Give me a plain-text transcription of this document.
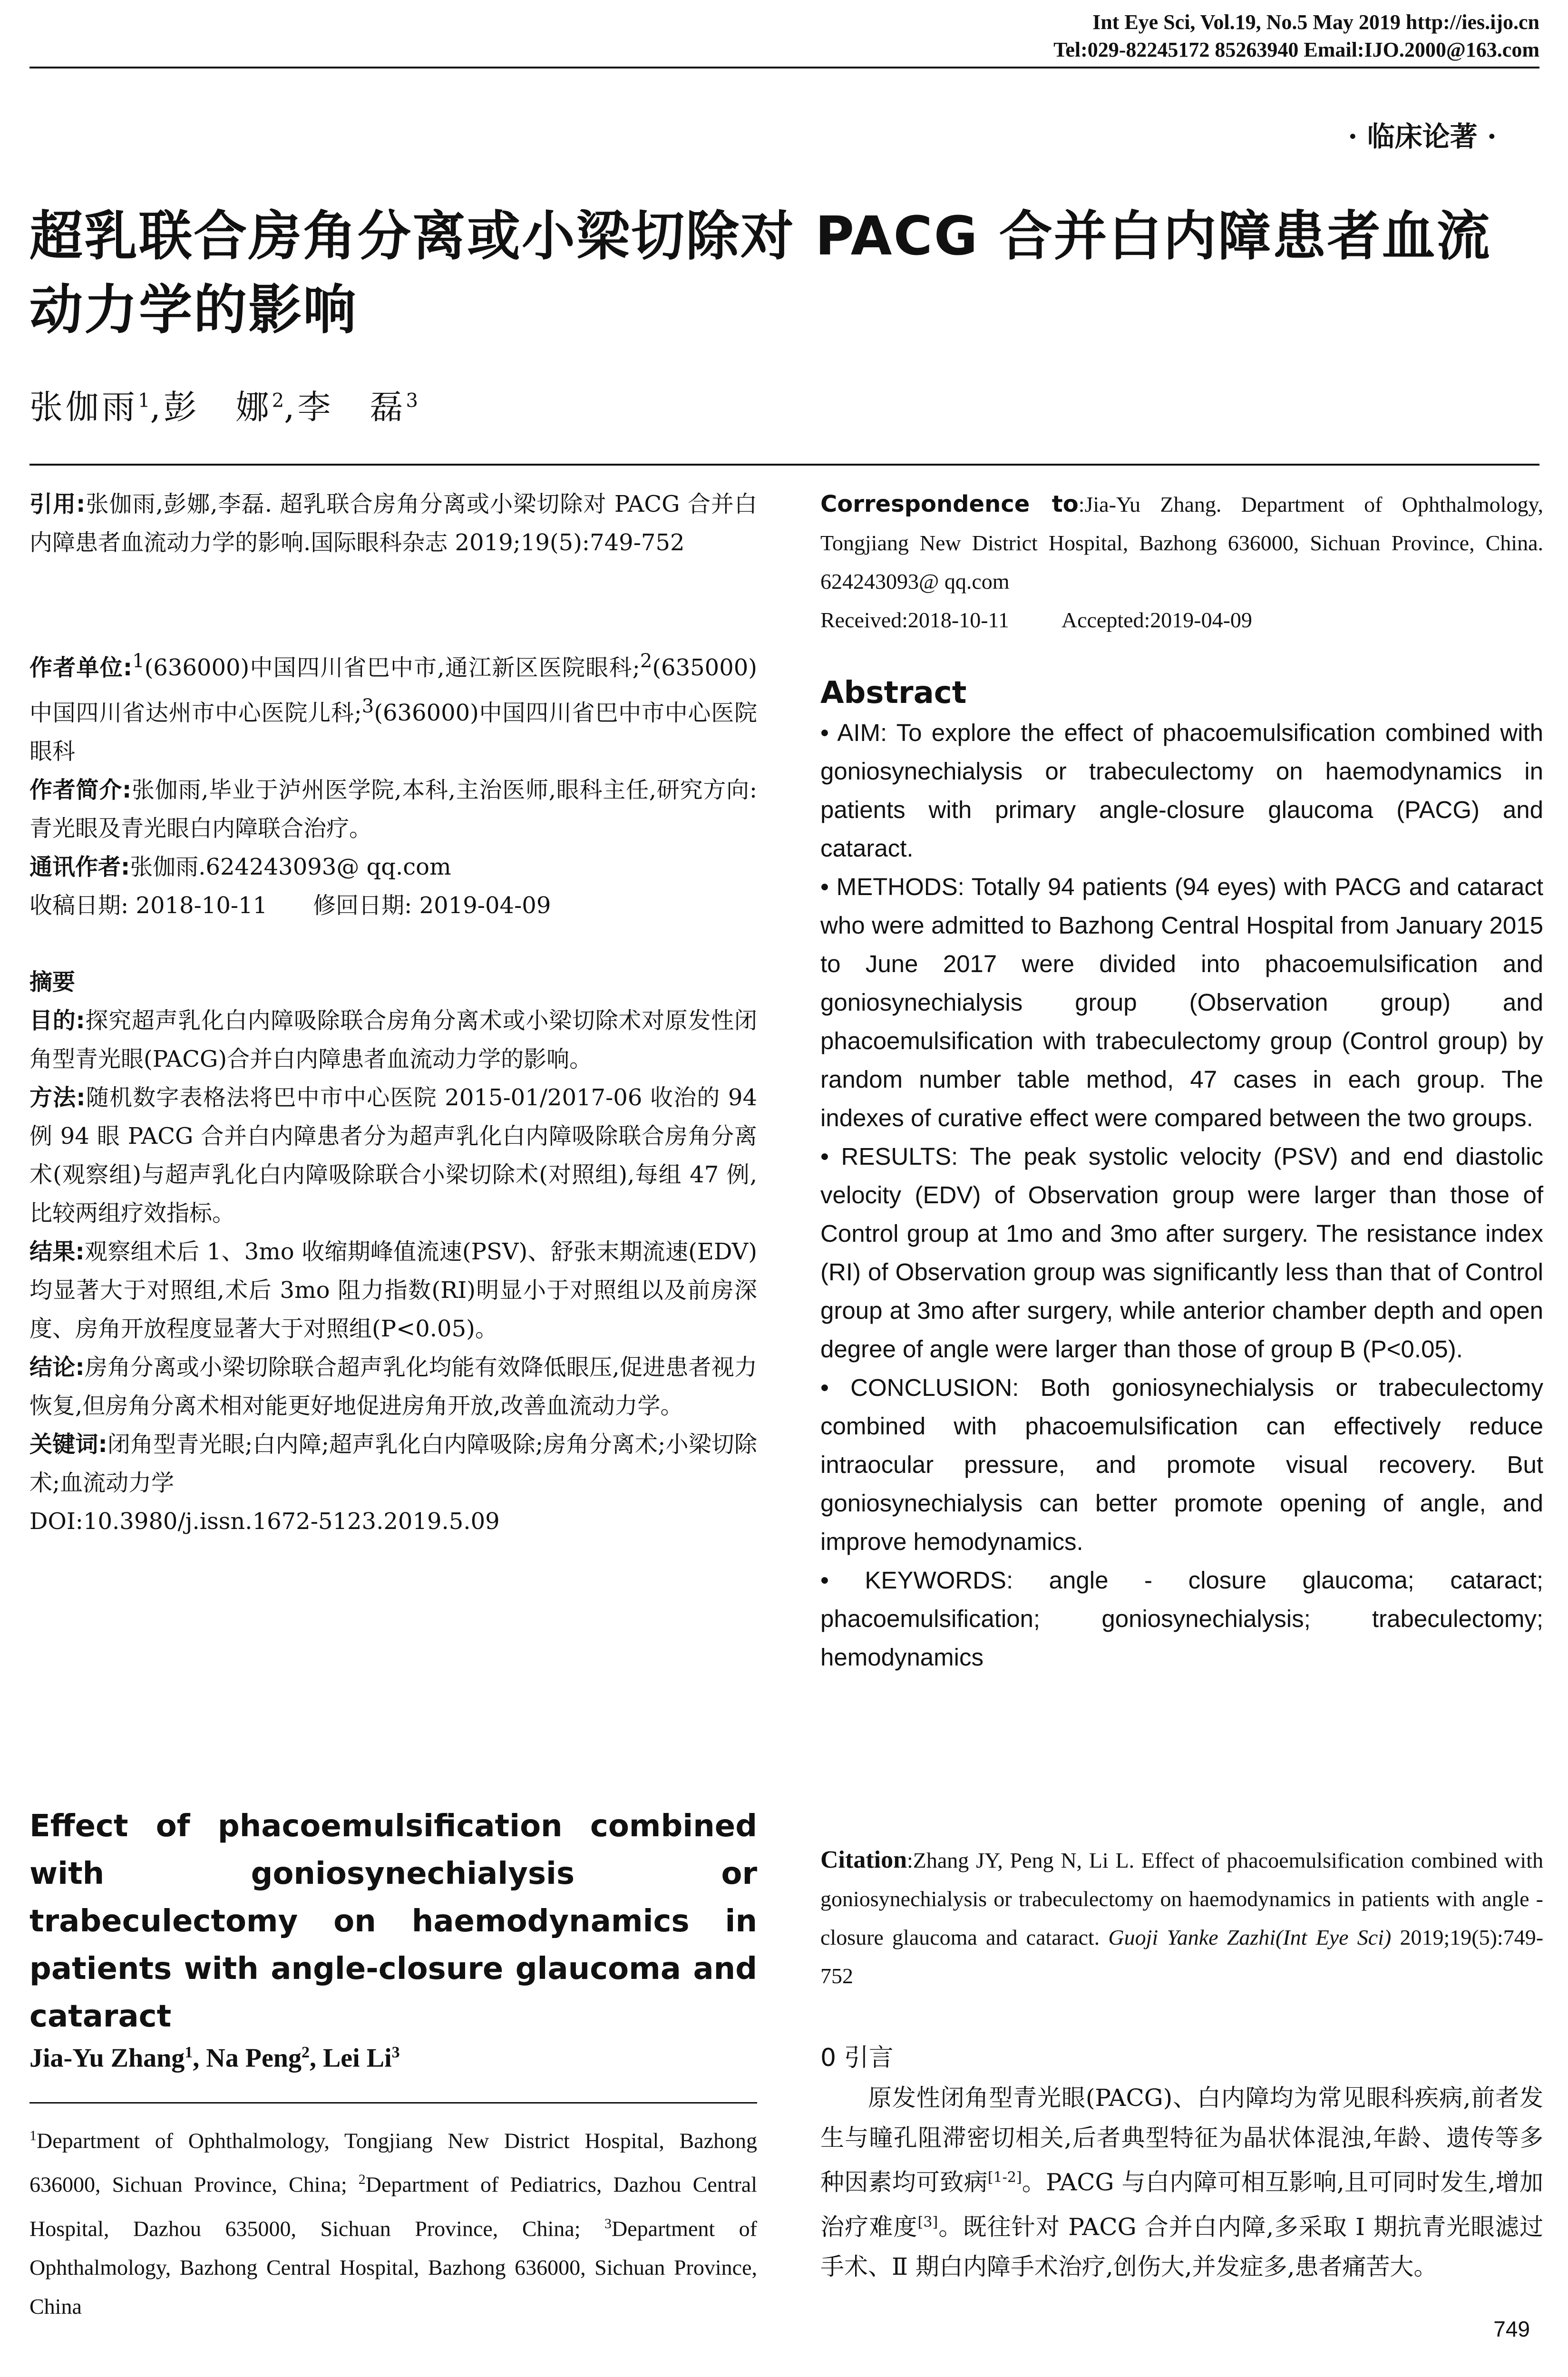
Int Eye Sci, Vol.19, No.5 May 2019 http://ies.ijo.cn
Tel:029-82245172 85263940 Email:IJO.2000@163.com
· 临床论著 ·
超乳联合房角分离或小梁切除对 PACG 合并白内障患者血流动力学的影响
张伽雨$^1$,彭　娜$^2$,李　磊$^3$
引用:张伽雨,彭娜,李磊. 超乳联合房角分离或小梁切除对 PACG 合并白内障患者血流动力学的影响.国际眼科杂志 2019;19(5):749-752

作者单位:$^1$(636000)中国四川省巴中市,通江新区医院眼科;$^2$(635000)中国四川省达州市中心医院儿科;$^3$(636000)中国四川省巴中市中心医院眼科

作者简介:张伽雨,毕业于泸州医学院,本科,主治医师,眼科主任,研究方向:青光眼及青光眼白内障联合治疗。

通讯作者:张伽雨.624243093@ qq.com

收稿日期: 2018-10-11　　修回日期: 2019-04-09

摘要

目的:探究超声乳化白内障吸除联合房角分离术或小梁切除术对原发性闭角型青光眼(PACG)合并白内障患者血流动力学的影响。

方法:随机数字表格法将巴中市中心医院 2015-01/2017-06 收治的 94 例 94 眼 PACG 合并白内障患者分为超声乳化白内障吸除联合房角分离术(观察组)与超声乳化白内障吸除联合小梁切除术(对照组),每组 47 例,比较两组疗效指标。

结果:观察组术后 1、3mo 收缩期峰值流速(PSV)、舒张末期流速(EDV)均显著大于对照组,术后 3mo 阻力指数(RI)明显小于对照组以及前房深度、房角开放程度显著大于对照组(P<0.05)。

结论:房角分离或小梁切除联合超声乳化均能有效降低眼压,促进患者视力恢复,但房角分离术相对能更好地促进房角开放,改善血流动力学。

关键词:闭角型青光眼;白内障;超声乳化白内障吸除;房角分离术;小梁切除术;血流动力学

DOI:10.3980/j.issn.1672-5123.2019.5.09

Effect of phacoemulsification combined with goniosynechialysis or trabeculectomy on haemodynamics in patients with angle-closure glaucoma and cataract
Jia-Yu Zhang$^1$, Na Peng$^2$, Lei Li$^3$
$^1$Department of Ophthalmology, Tongjiang New District Hospital, Bazhong 636000, Sichuan Province, China; $^2$Department of Pediatrics, Dazhou Central Hospital, Dazhou 635000, Sichuan Province, China; $^3$Department of Ophthalmology, Bazhong Central Hospital, Bazhong 636000, Sichuan Province, China

Correspondence to:Jia-Yu Zhang. Department of Ophthalmology, Tongjiang New District Hospital, Bazhong 636000, Sichuan Province, China. 624243093@ qq.com

Received:2018-10-11 Accepted:2019-04-09

Abstract

• AIM: To explore the effect of phacoemulsification combined with goniosynechialysis or trabeculectomy on haemodynamics in patients with primary angle-closure glaucoma (PACG) and cataract.

• METHODS: Totally 94 patients (94 eyes) with PACG and cataract who were admitted to Bazhong Central Hospital from January 2015 to June 2017 were divided into phacoemulsification and goniosynechialysis group (Observation group) and phacoemulsification with trabeculectomy group (Control group) by random number table method, 47 cases in each group. The indexes of curative effect were compared between the two groups.

• RESULTS: The peak systolic velocity (PSV) and end diastolic velocity (EDV) of Observation group were larger than those of Control group at 1mo and 3mo after surgery. The resistance index (RI) of Observation group was significantly less than that of Control group at 3mo after surgery, while anterior chamber depth and open degree of angle were larger than those of group B (P<0.05).

• CONCLUSION: Both goniosynechialysis or trabeculectomy combined with phacoemulsification can effectively reduce intraocular pressure, and promote visual recovery. But goniosynechialysis can better promote opening of angle, and improve hemodynamics.

• KEYWORDS: angle - closure glaucoma; cataract; phacoemulsification; goniosynechialysis; trabeculectomy; hemodynamics

Citation:Zhang JY, Peng N, Li L. Effect of phacoemulsification combined with goniosynechialysis or trabeculectomy on haemodynamics in patients with angle - closure glaucoma and cataract. Guoji Yanke Zazhi(Int Eye Sci) 2019;19(5):749-752
0 引言

原发性闭角型青光眼(PACG)、白内障均为常见眼科疾病,前者发生与瞳孔阻滞密切相关,后者典型特征为晶状体混浊,年龄、遗传等多种因素均可致病[1-2]。PACG 与白内障可相互影响,且可同时发生,增加治疗难度[3]。既往针对 PACG 合并白内障,多采取 Ⅰ 期抗青光眼滤过手术、Ⅱ 期白内障手术治疗,创伤大,并发症多,患者痛苦大。

749
